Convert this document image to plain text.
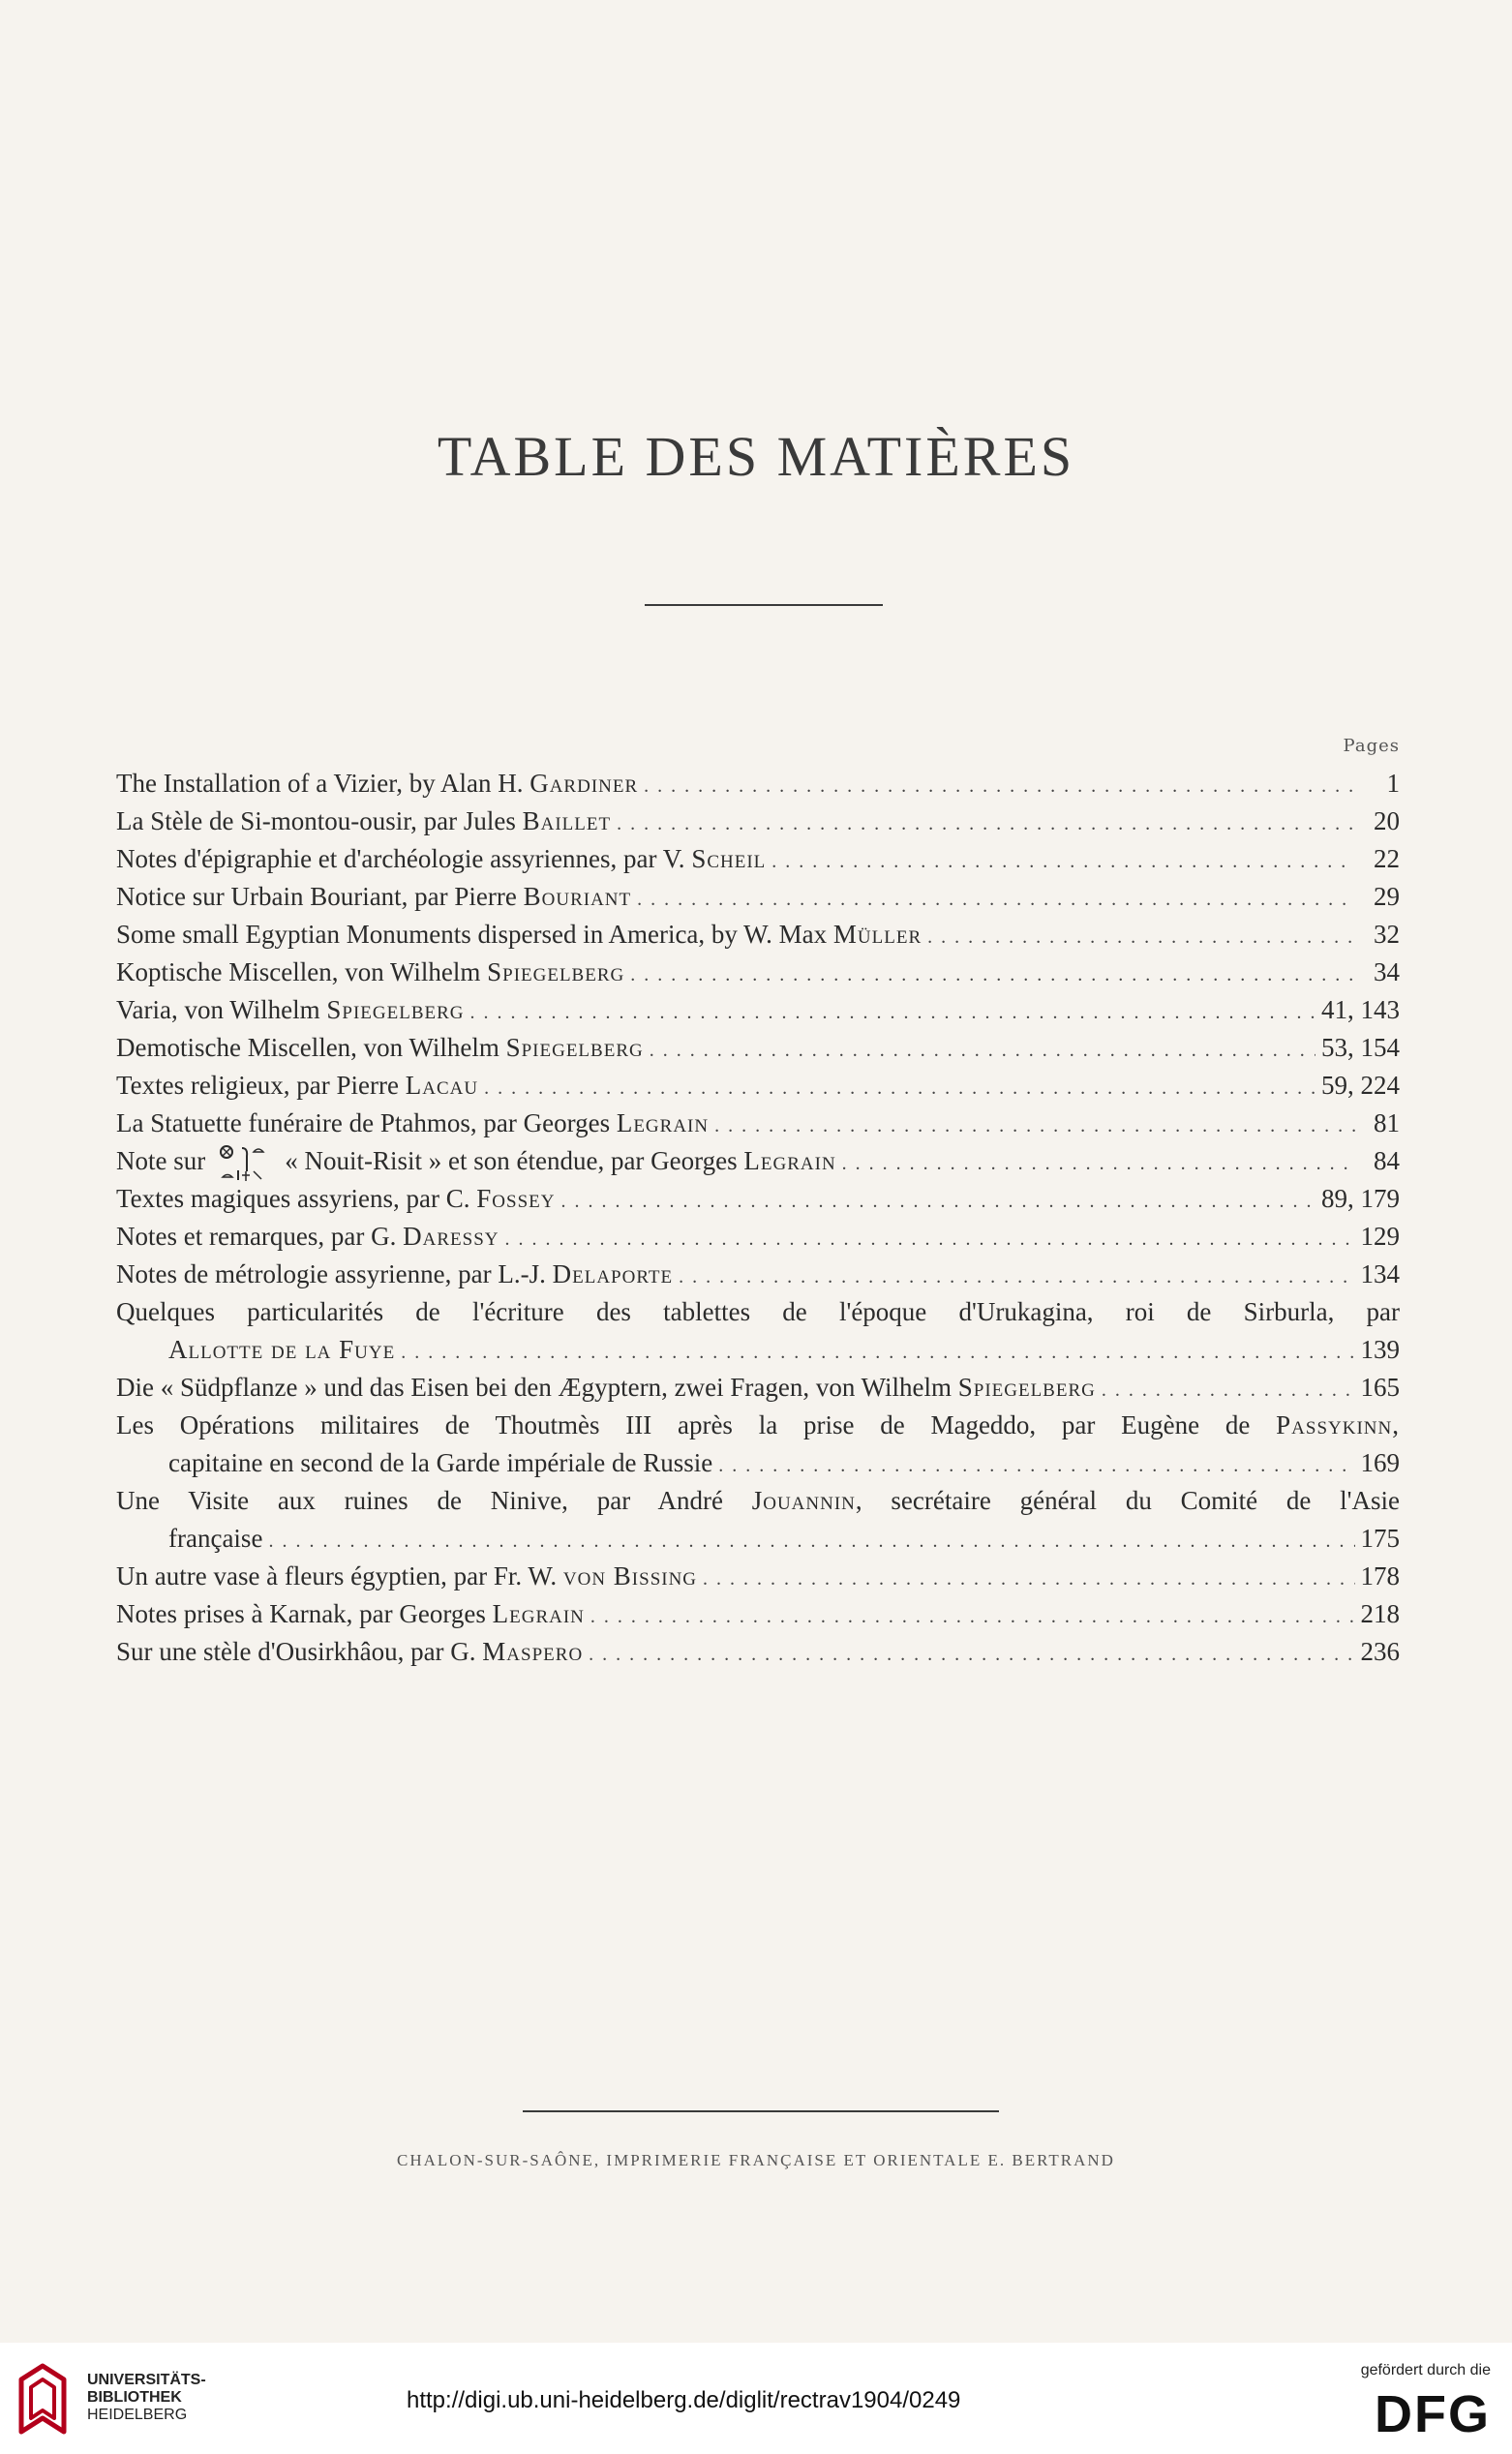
TABLE DES MATIÈRES
Pages
The Installation of a Vizier, by Alan H. Gardiner . . .	1
La Stèle de Si-montou-ousir, par Jules Baillet . . .	20
Notes d'épigraphie et d'archéologie assyriennes, par V. Scheil . . .	22
Notice sur Urbain Bouriant, par Pierre Bouriant . . .	29
Some small Egyptian Monuments dispersed in America, by W. Max Müller . . .	32
Koptische Miscellen, von Wilhelm Spiegelberg . . .	34
Varia, von Wilhelm Spiegelberg . . .	41, 143
Demotische Miscellen, von Wilhelm Spiegelberg . . .	53, 154
Textes religieux, par Pierre Lacau . . .	59, 224
La Statuette funéraire de Ptahmos, par Georges Legrain . . .	81
Note sur	« Nouit-Risit » et son étendue, par Georges Legrain . . .	84
Textes magiques assyriens, par C. Fossey . . .	89, 179
Notes et remarques, par G. Daressy . . .	129
Notes de métrologie assyrienne, par L.-J. Delaporte . . .	134
Quelques particularités de l'écriture des tablettes de l'époque d'Urukagina, roi de Sirburla, par
Allotte de la Fuye . . .	139
Die « Südpflanze » und das Eisen bei den Ægyptern, zwei Fragen, von Wilhelm Spiegelberg . . .	165
Les Opérations militaires de Thoutmès III après la prise de Mageddo, par Eugène de Passykinn,
capitaine en second de la Garde impériale de Russie . . .	169
Une Visite aux ruines de Ninive, par André Jouannin, secrétaire général du Comité de l'Asie
française . . .	175
Un autre vase à fleurs égyptien, par Fr. W. von Bissing . . .	178
Notes prises à Karnak, par Georges Legrain . . .	218
Sur une stèle d'Ousirkhâou, par G. Maspero . . .	236
CHALON-SUR-SAÔNE, IMPRIMERIE FRANÇAISE ET ORIENTALE E. BERTRAND
UNIVERSITÄTS-
BIBLIOTHEK
HEIDELBERG
http://digi.ub.uni-heidelberg.de/diglit/rectrav1904/0249
gefördert durch die
DFG
